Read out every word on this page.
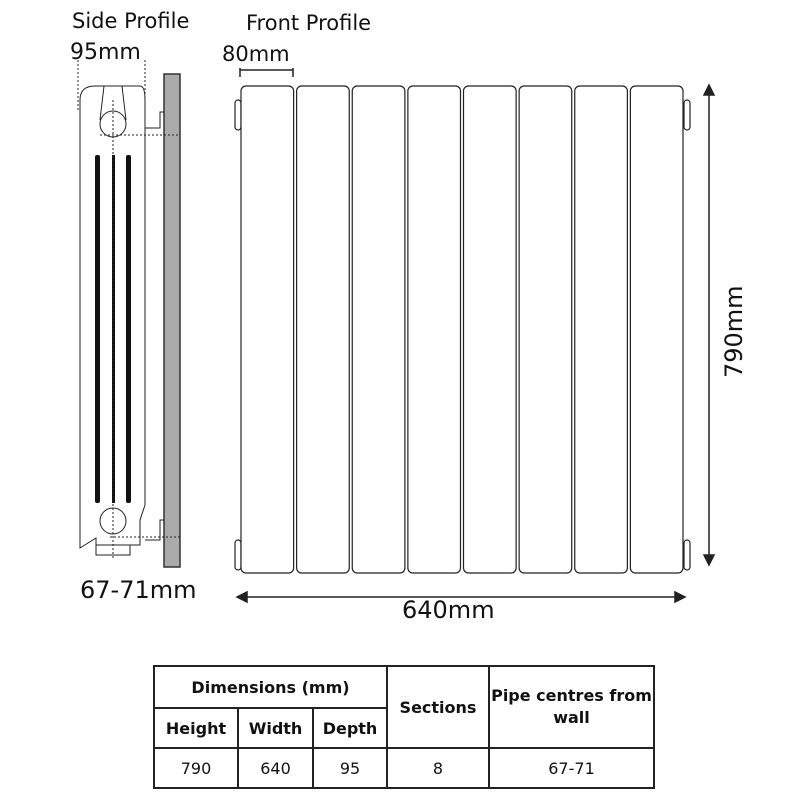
Side Profile	Front Profile
95mm	80mm
790mm
640mm
67-71mm
Dimensions (mm)			Sections	Pipe centres from wall
Height	Width	Depth		
790	640	95	8	67-71
